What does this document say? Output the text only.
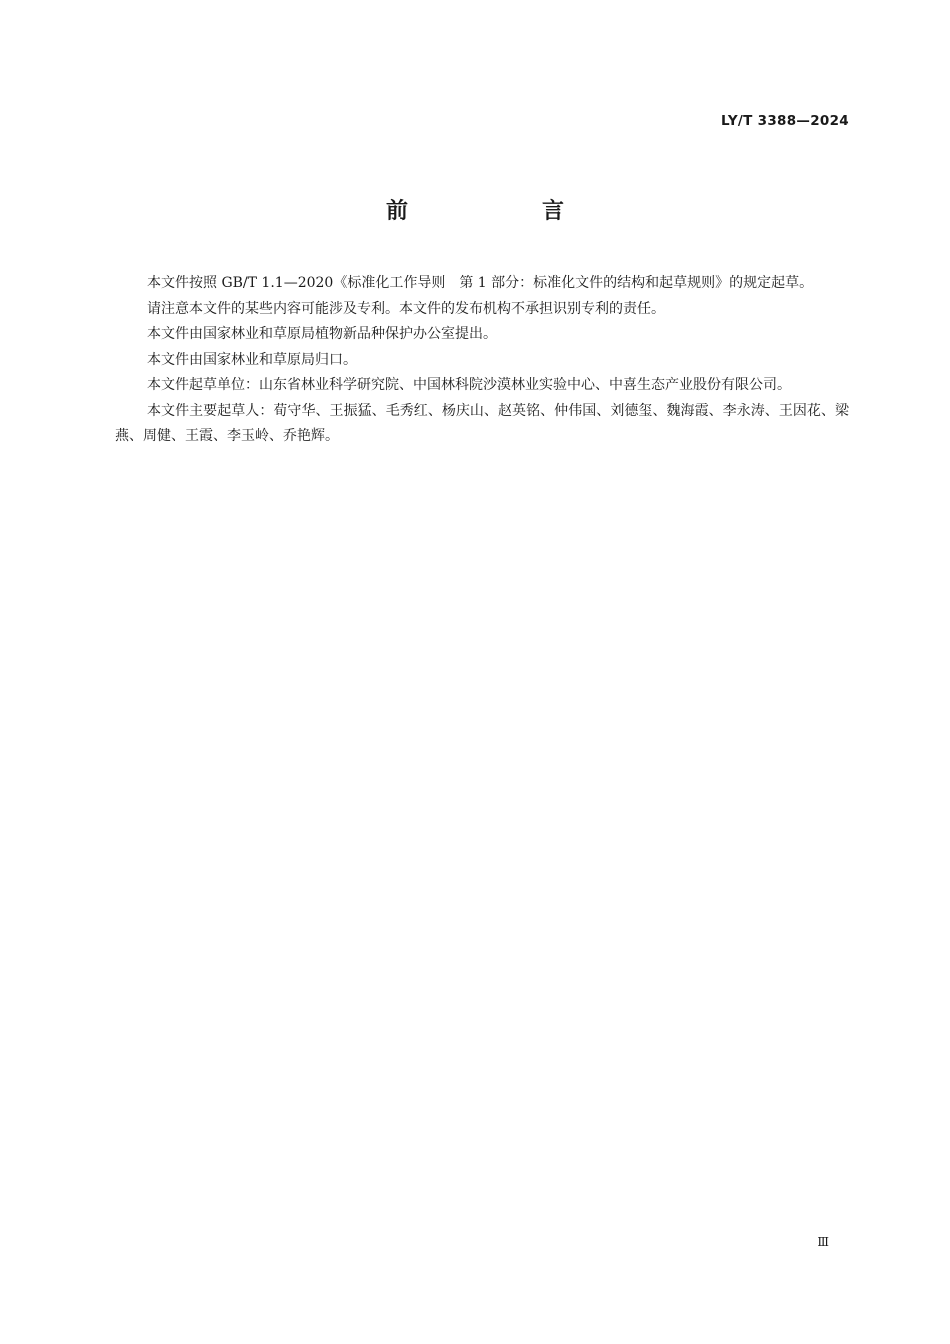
LY/T 3388—2024
前　言

本文件按照 GB/T 1.1—2020《标准化工作导则　第 1 部分：标准化文件的结构和起草规则》的规定起草。

请注意本文件的某些内容可能涉及专利。本文件的发布机构不承担识别专利的责任。

本文件由国家林业和草原局植物新品种保护办公室提出。

本文件由国家林业和草原局归口。

本文件起草单位：山东省林业科学研究院、中国林科院沙漠林业实验中心、中喜生态产业股份有限公司。

本文件主要起草人：荀守华、王振猛、毛秀红、杨庆山、赵英铭、仲伟国、刘德玺、魏海霞、李永涛、王因花、梁燕、周健、王霞、李玉岭、乔艳辉。

Ⅲ
